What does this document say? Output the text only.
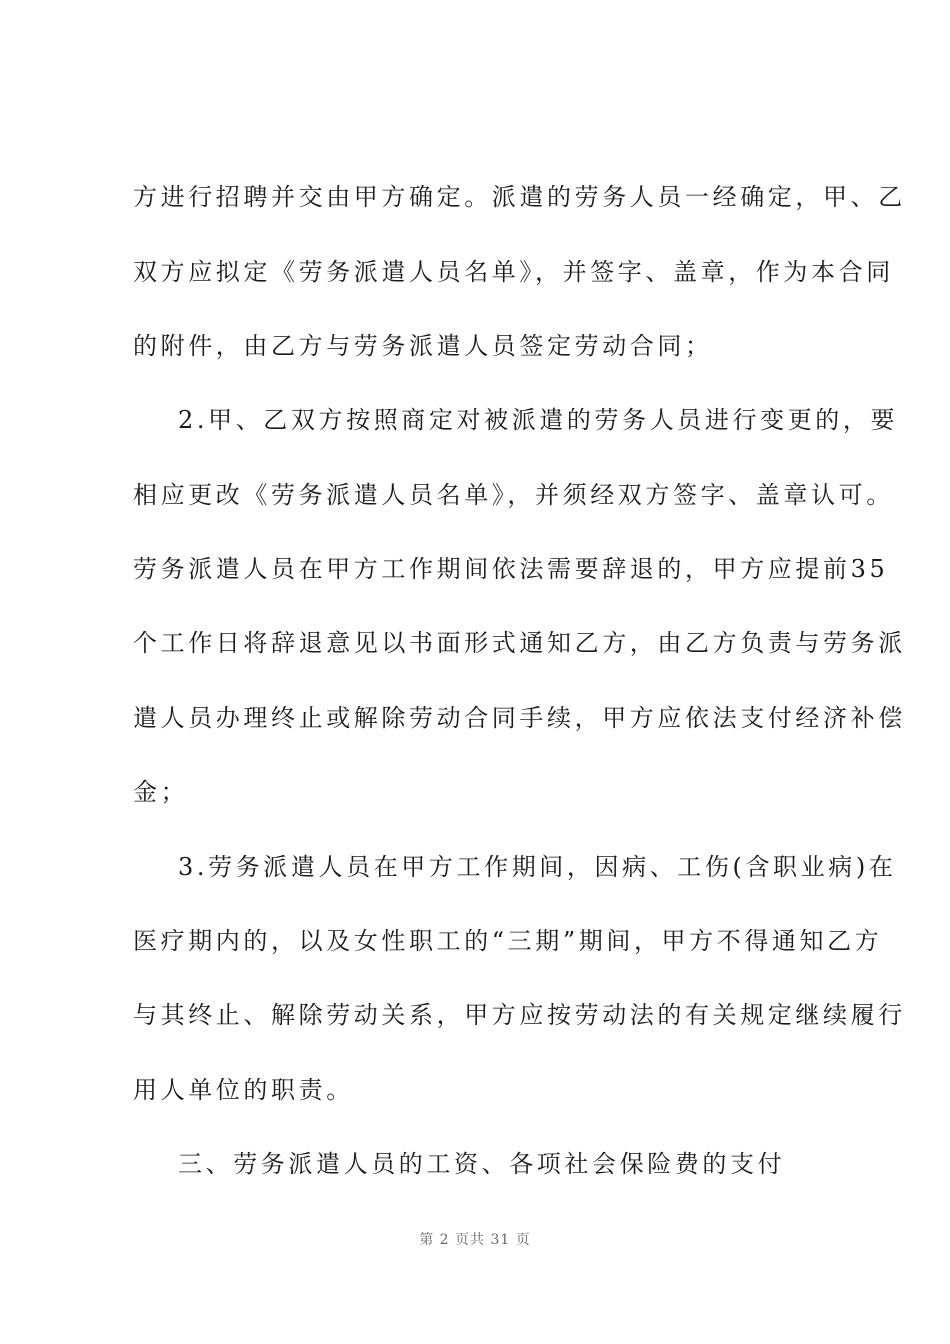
方进行招聘并交由甲方确定。派遣的劳务人员一经确定，甲、乙
双方应拟定《劳务派遣人员名单》，并签字、盖章，作为本合同
的附件，由乙方与劳务派遣人员签定劳动合同；
2.甲、乙双方按照商定对被派遣的劳务人员进行变更的，要
相应更改《劳务派遣人员名单》，并须经双方签字、盖章认可。
劳务派遣人员在甲方工作期间依法需要辞退的，甲方应提前35
个工作日将辞退意见以书面形式通知乙方，由乙方负责与劳务派
遣人员办理终止或解除劳动合同手续，甲方应依法支付经济补偿
金；
3.劳务派遣人员在甲方工作期间，因病、工伤(含职业病)在
医疗期内的，以及女性职工的“三期”期间，甲方不得通知乙方
与其终止、解除劳动关系，甲方应按劳动法的有关规定继续履行
用人单位的职责。
三、劳务派遣人员的工资、各项社会保险费的支付
第 2 页共 31 页
